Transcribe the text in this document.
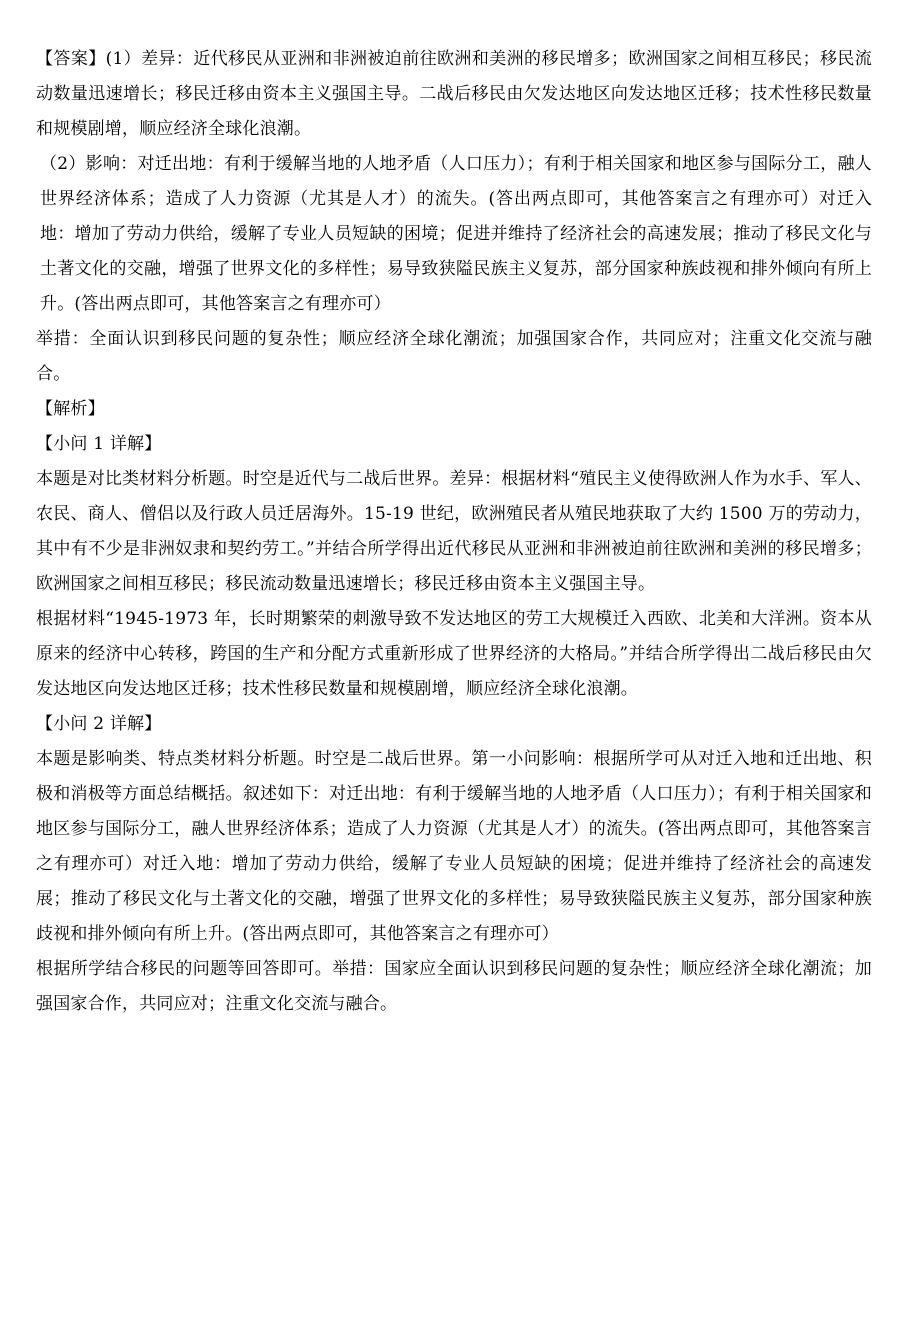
【答案】(1）差异：近代移民从亚洲和非洲被迫前往欧洲和美洲的移民增多；欧洲国家之间相互移民；移民流动数量迅速增长；移民迁移由资本主义强国主导。二战后移民由欠发达地区向发达地区迁移；技术性移民数量和规模剧增，顺应经济全球化浪潮。

（2）影响：对迁出地：有利于缓解当地的人地矛盾（人口压力）；有利于相关国家和地区参与国际分工，融人世界经济体系；造成了人力资源（尤其是人才）的流失。(答出两点即可，其他答案言之有理亦可）对迁入地：增加了劳动力供给，缓解了专业人员短缺的困境；促进并维持了经济社会的高速发展；推动了移民文化与土著文化的交融，增强了世界文化的多样性；易导致狭隘民族主义复苏，部分国家种族歧视和排外倾向有所上升。(答出两点即可，其他答案言之有理亦可）

举措：全面认识到移民问题的复杂性；顺应经济全球化潮流；加强国家合作，共同应对；注重文化交流与融合。

【解析】
【小问 1 详解】

本题是对比类材料分析题。时空是近代与二战后世界。差异：根据材料“殖民主义使得欧洲人作为水手、军人、农民、商人、僧侣以及行政人员迁居海外。15-19 世纪，欧洲殖民者从殖民地获取了大约 1500 万的劳动力，其中有不少是非洲奴隶和契约劳工。”并结合所学得出近代移民从亚洲和非洲被迫前往欧洲和美洲的移民增多；欧洲国家之间相互移民；移民流动数量迅速增长；移民迁移由资本主义强国主导。

根据材料“1945-1973 年，长时期繁荣的刺激导致不发达地区的劳工大规模迁入西欧、北美和大洋洲。资本从原来的经济中心转移，跨国的生产和分配方式重新形成了世界经济的大格局。”并结合所学得出二战后移民由欠发达地区向发达地区迁移；技术性移民数量和规模剧增，顺应经济全球化浪潮。

【小问 2 详解】

本题是影响类、特点类材料分析题。时空是二战后世界。第一小问影响：根据所学可从对迁入地和迁出地、积极和消极等方面总结概括。叙述如下：对迁出地：有利于缓解当地的人地矛盾（人口压力）；有利于相关国家和地区参与国际分工，融人世界经济体系；造成了人力资源（尤其是人才）的流失。(答出两点即可，其他答案言之有理亦可）对迁入地：增加了劳动力供给，缓解了专业人员短缺的困境；促进并维持了经济社会的高速发展；推动了移民文化与土著文化的交融，增强了世界文化的多样性；易导致狭隘民族主义复苏，部分国家种族歧视和排外倾向有所上升。(答出两点即可，其他答案言之有理亦可）

根据所学结合移民的问题等回答即可。举措：国家应全面认识到移民问题的复杂性；顺应经济全球化潮流；加强国家合作，共同应对；注重文化交流与融合。
